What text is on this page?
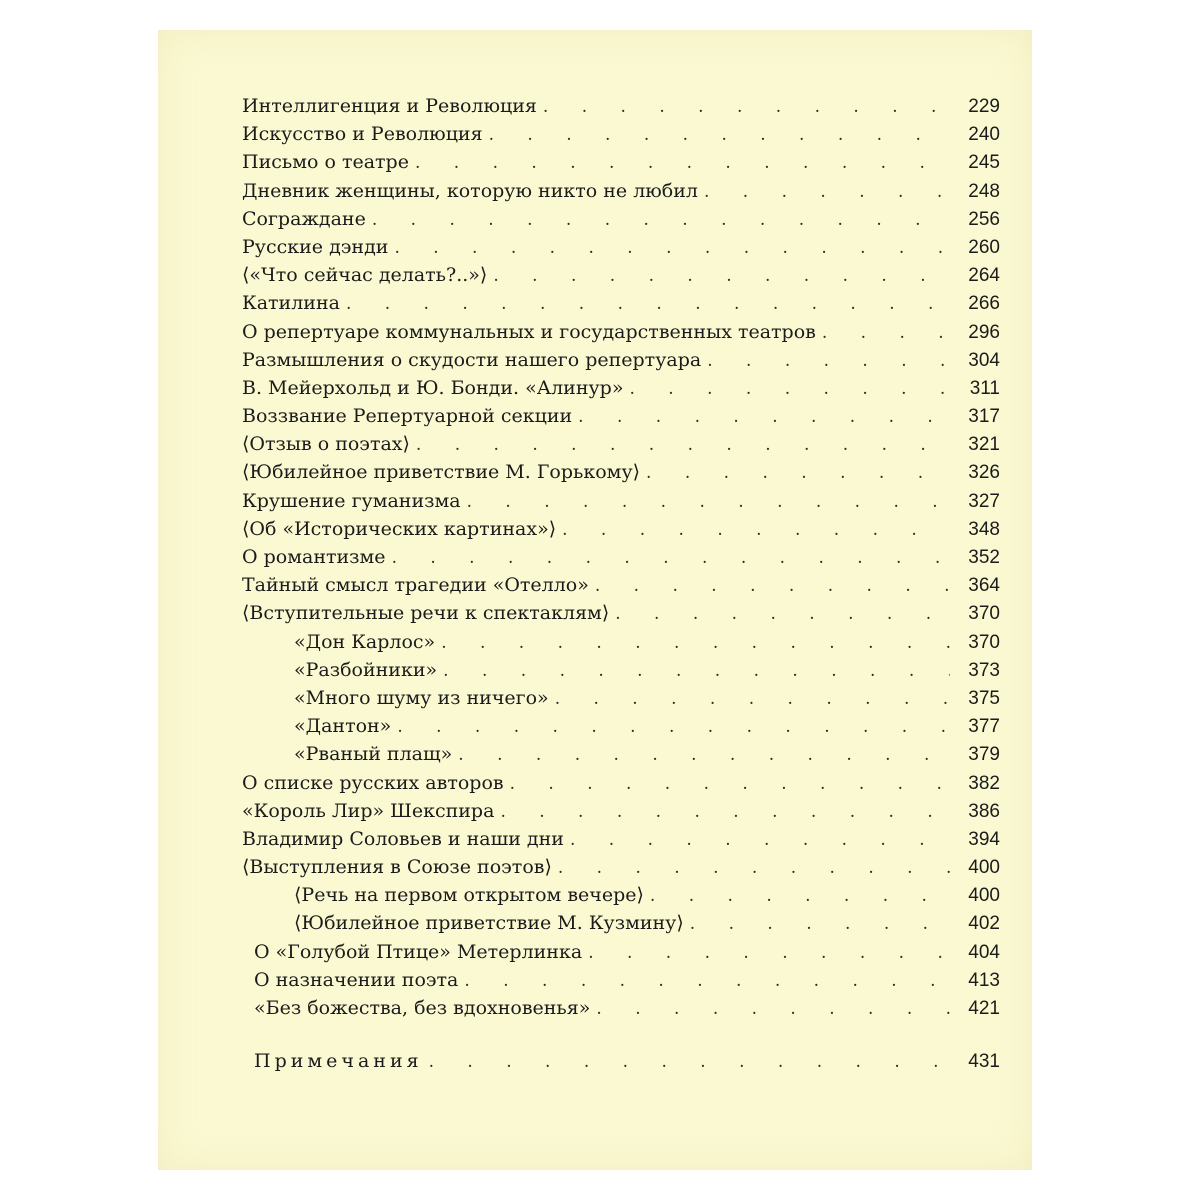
Интеллигенция и Революция . . .	229
Искусство и Революция . . .	240
Письмо о театре . . .	245
Дневник женщины, которую никто не любил . . .	248
Сограждане . . .	256
Русские дэнди . . .	260
⟨«Что сейчас делать?..»⟩ . . .	264
Катилина . . .	266
О репертуаре коммунальных и государственных театров . . .	296
Размышления о скудости нашего репертуара . . .	304
В. Мейерхольд и Ю. Бонди. «Алинур» . . .	311
Воззвание Репертуарной секции . . .	317
⟨Отзыв о поэтах⟩ . . .	321
⟨Юбилейное приветствие М. Горькому⟩ . . .	326
Крушение гуманизма . . .	327
⟨Об «Исторических картинах»⟩ . . .	348
О романтизме . . .	352
Тайный смысл трагедии «Отелло» . . .	364
⟨Вступительные речи к спектаклям⟩ . . .	370
«Дон Карлос» . . .	370
«Разбойники» . . .	373
«Много шуму из ничего» . . .	375
«Дантон» . . .	377
«Рваный плащ» . . .	379
О списке русских авторов . . .	382
«Король Лир» Шекспира . . .	386
Владимир Соловьев и наши дни . . .	394
⟨Выступления в Союзе поэтов⟩ . . .	400
⟨Речь на первом открытом вечере⟩ . . .	400
⟨Юбилейное приветствие М. Кузмину⟩ . . .	402
О «Голубой Птице» Метерлинка . . .	404
О назначении поэта . . .	413
«Без божества, без вдохновенья» . . .	421
Примечания . . .	431
